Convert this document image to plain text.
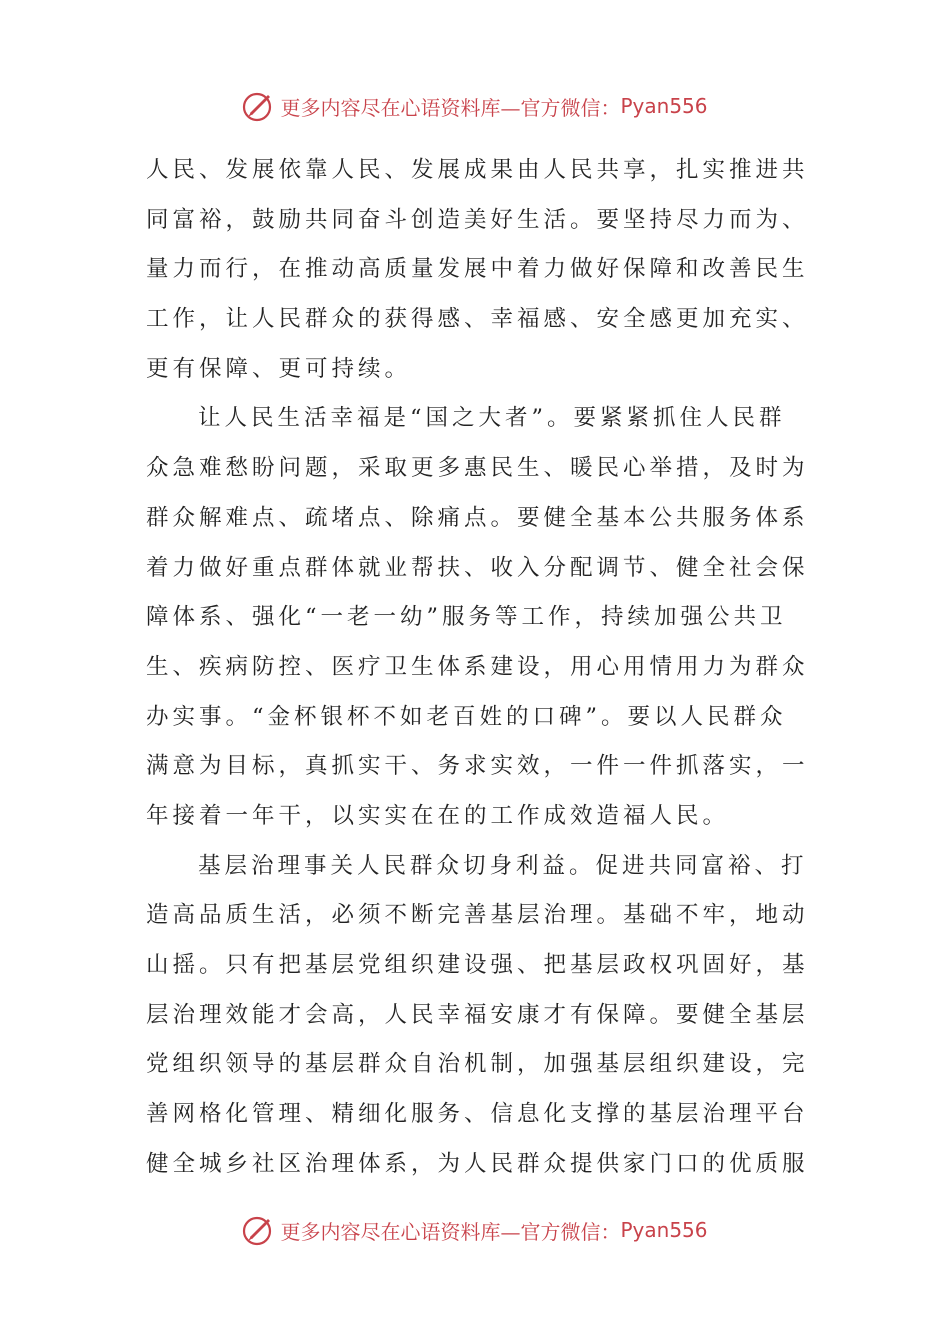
更多内容尽在心语资料库—官方微信： Pyan556
人民、发展依靠人民、发展成果由人民共享，扎实推进共
同富裕，鼓励共同奋斗创造美好生活。要坚持尽力而为、
量力而行，在推动高质量发展中着力做好保障和改善民生
工作，让人民群众的获得感、幸福感、安全感更加充实、
更有保障、更可持续。
让人民生活幸福是“国之大者”。要紧紧抓住人民群
众急难愁盼问题，采取更多惠民生、暖民心举措，及时为
群众解难点、疏堵点、除痛点。要健全基本公共服务体系
着力做好重点群体就业帮扶、收入分配调节、健全社会保
障体系、强化“一老一幼”服务等工作，持续加强公共卫
生、疾病防控、医疗卫生体系建设，用心用情用力为群众
办实事。“金杯银杯不如老百姓的口碑”。要以人民群众
满意为目标，真抓实干、务求实效，一件一件抓落实，一
年接着一年干，以实实在在的工作成效造福人民。
基层治理事关人民群众切身利益。促进共同富裕、打
造高品质生活，必须不断完善基层治理。基础不牢，地动
山摇。只有把基层党组织建设强、把基层政权巩固好，基
层治理效能才会高，人民幸福安康才有保障。要健全基层
党组织领导的基层群众自治机制，加强基层组织建设，完
善网格化管理、精细化服务、信息化支撑的基层治理平台
健全城乡社区治理体系，为人民群众提供家门口的优质服
更多内容尽在心语资料库—官方微信： Pyan556
